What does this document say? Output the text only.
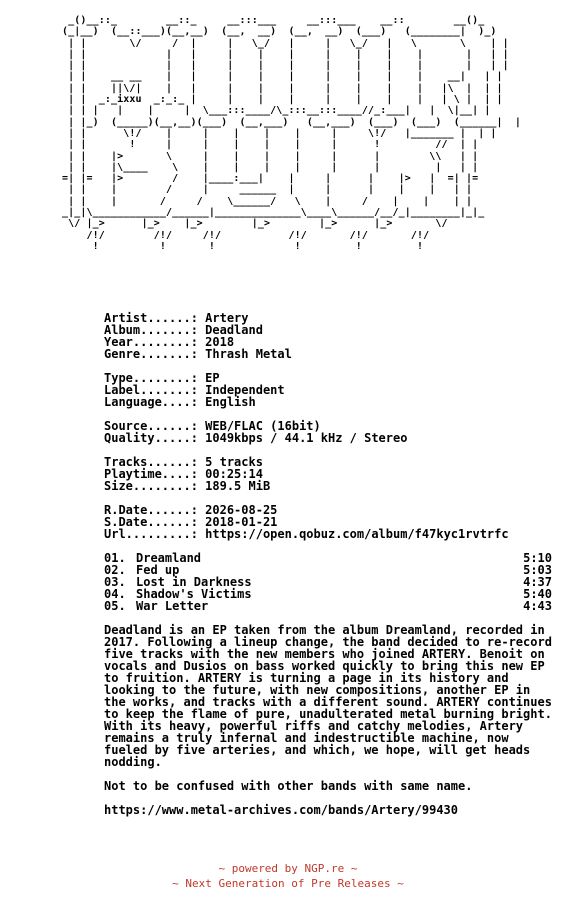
_()__::_        __::_     __:::___     __:::___    __::        __()_
(_|__)  (__::___)(__,__)  (__,  __)  (__,  __)  (___)   (________|  )_)
| |       \/     /  |     |   \_/   |     |   \_/   |   \       \    | |
| |             |   |     |    |    |     |    |    |    |       |   | |
| |             |   |     |    |    |     |    |    |    |       |   | |
| |    __ __    |   |     |    |    |     |    |    |    |    __|   | |
| |    ||\/|    |   |     |    |    |     |    |    |    |   |\  |  | |
| |  _:_ixxu  _:_:_ |     |    |    |     |    |    |    |   | \ |  | |
| | |   |    |     |  \___:::____/\_:::__:::____//_:___|   |  \|__| |
| |_)  (_____)(__,__)(___)  (__,___)   (__,___)  (___)  (___)  (______|  |
| |      \!/    |     |    |    |    |     |     \!/   |_______ |  | |
| |       !     |     |    |    |    |     |      !         //  | |
| |    |>       \     |    |    |    |     |      |        \\   | |
| |    |\____    \    |    |    |    |     |      |         |   | |
=| |=   |>        /    |____:___|    |     |      |    |>   |  =| |=
| |    |        /     |     ______  |     |      |    |    |   | |
| |    |       /     /    \______/   \    |     /    |    |    | |
_|_|\____________/______|______________\____\______/__/_|________|_|_
\/ |_>      |_>    |_>        |_>        |_>      |_>       \/
/!/        /!/     /!/           /!/       /!/       /!/
!          !       !             !         !         !
Artist......: Artery
Album.......: Deadland
Year........: 2018
Genre.......: Thrash Metal
Type........: EP
Label.......: Independent
Language....: English
Source......: WEB/FLAC (16bit)
Quality.....: 1049kbps / 44.1 kHz / Stereo
Tracks......: 5 tracks
Playtime....: 00:25:14
Size........: 189.5 MiB
R.Date......: 2026-08-25
S.Date......: 2018-01-21
Url.........: https://open.qobuz.com/album/f47kyc1rvtrfc
01. Dreamland	5:10
02. Fed up	5:03
03. Lost in Darkness	4:37
04. Shadow's Victims	5:40
05. War Letter	4:43
Deadland is an EP taken from the album Dreamland, recorded in 2017. Following a lineup change, the band decided to re-record five tracks with the new members who joined ARTERY. Benoit on vocals and Dusios on bass worked quickly to bring this new EP to fruition. ARTERY is turning a page in its history and looking to the future, with new compositions, another EP in the works, and tracks with a different sound. ARTERY continues to keep the flame of pure, unadulterated metal burning bright. With its heavy, powerful riffs and catchy melodies, Artery remains a truly infernal and indestructible machine, now fueled by five arteries, and which, we hope, will get heads nodding.
Not to be confused with other bands with same name.
https://www.metal-archives.com/bands/Artery/99430
~ powered by NGP.re ~
~ Next Generation of Pre Releases ~
